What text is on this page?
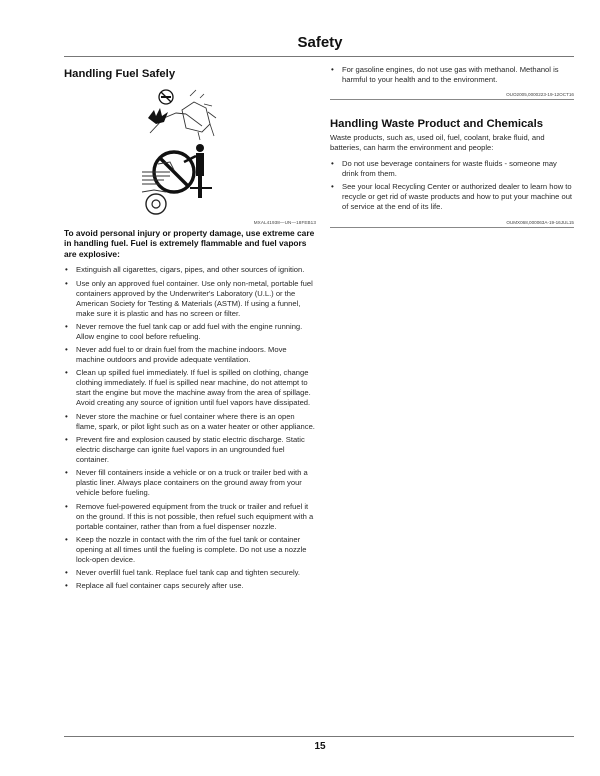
Safety
Handling Fuel Safely
MXAL41938—UN—18FEB13
To avoid personal injury or property damage, use extreme care in handling fuel. Fuel is extremely flammable and fuel vapors are explosive:
• Extinguish all cigarettes, cigars, pipes, and other sources of ignition.
• Use only an approved fuel container. Use only non-metal, portable fuel containers approved by the Underwriter's Laboratory (U.L.) or the American Society for Testing & Materials (ASTM). If using a funnel, make sure it is plastic and has no screen or filter.
• Never remove the fuel tank cap or add fuel with the engine running. Allow engine to cool before refueling.
• Never add fuel to or drain fuel from the machine indoors. Move machine outdoors and provide adequate ventilation.
• Clean up spilled fuel immediately. If fuel is spilled on clothing, change clothing immediately. If fuel is spilled near machine, do not attempt to start the engine but move the machine away from the area of spillage. Avoid creating any source of ignition until fuel vapors have dissipated.
• Never store the machine or fuel container where there is an open flame, spark, or pilot light such as on a water heater or other appliance.
• Prevent fire and explosion caused by static electric discharge. Static electric discharge can ignite fuel vapors in an ungrounded fuel container.
• Never fill containers inside a vehicle or on a truck or trailer bed with a plastic liner. Always place containers on the ground away from your vehicle before fueling.
• Remove fuel-powered equipment from the truck or trailer and refuel it on the ground. If this is not possible, then refuel such equipment with a portable container, rather than from a fuel dispenser nozzle.
• Keep the nozzle in contact with the rim of the fuel tank or container opening at all times until the fueling is complete. Do not use a nozzle lock-open device.
• Never overfill fuel tank. Replace fuel tank cap and tighten securely.
• Replace all fuel container caps securely after use.
• For gasoline engines, do not use gas with methanol. Methanol is harmful to your health and to the environment.
OUO2005,0000223-19-12OCT16
Handling Waste Product and Chemicals
Waste products, such as, used oil, fuel, coolant, brake fluid, and batteries, can harm the environment and people:
• Do not use beverage containers for waste fluids - someone may drink from them.
• See your local Recycling Center or authorized dealer to learn how to recycle or get rid of waste products and how to put your machine out of service at the end of its life.
OUMX068,000063A-19-16JUL15
15
